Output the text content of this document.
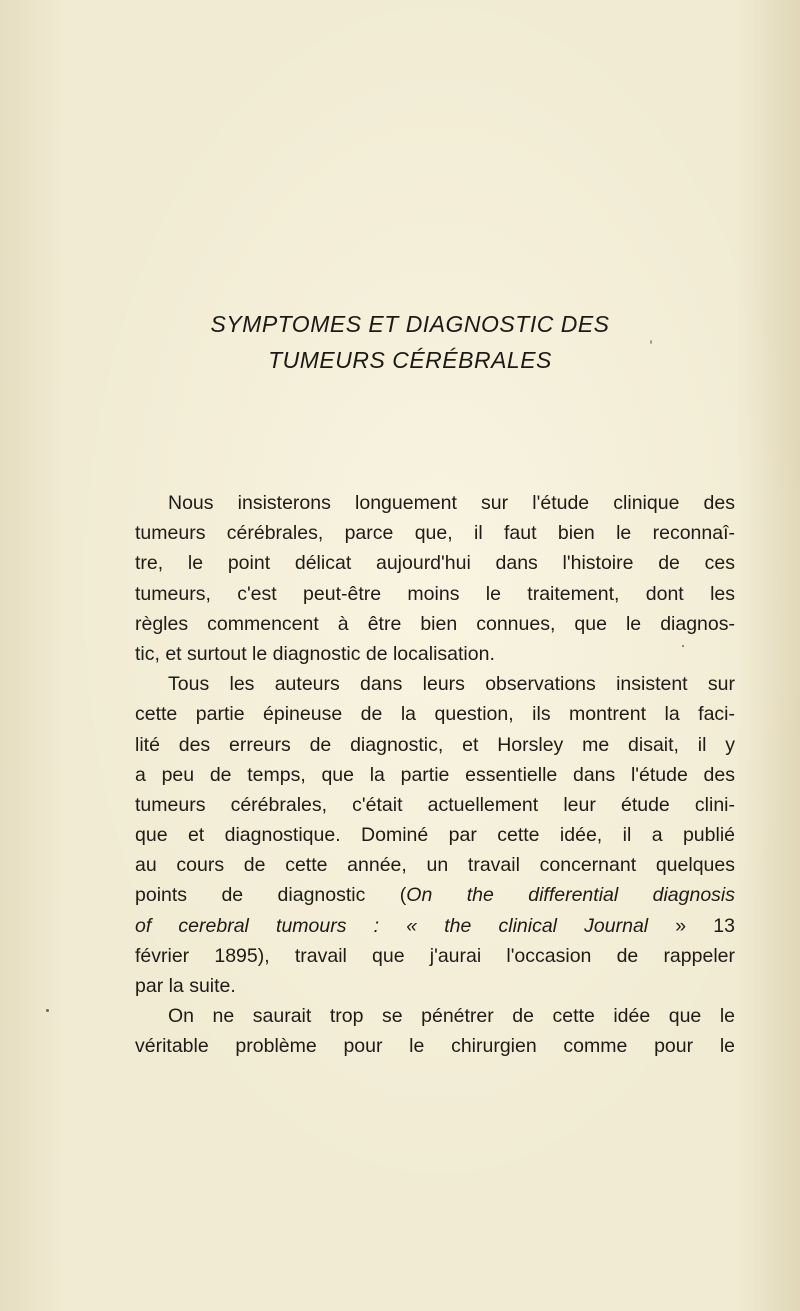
SYMPTOMES ET DIAGNOSTIC DES
TUMEURS CÉRÉBRALES
Nous insisterons longuement sur l'étude clinique des
tumeurs cérébrales, parce que, il faut bien le reconnaî-
tre, le point délicat aujourd'hui dans l'histoire de ces
tumeurs, c'est peut-être moins le traitement, dont les
règles commencent à être bien connues, que le diagnos-
tic, et surtout le diagnostic de localisation.
Tous les auteurs dans leurs observations insistent sur
cette partie épineuse de la question, ils montrent la faci-
lité des erreurs de diagnostic, et Horsley me disait, il y
a peu de temps, que la partie essentielle dans l'étude des
tumeurs cérébrales, c'était actuellement leur étude clini-
que et diagnostique. Dominé par cette idée, il a publié
au cours de cette année, un travail concernant quelques
points de diagnostic (On the differential diagnosis
of cerebral tumours : « the clinical Journal » 13
février 1895), travail que j'aurai l'occasion de rappeler
par la suite.
On ne saurait trop se pénétrer de cette idée que le
véritable problème pour le chirurgien comme pour le
